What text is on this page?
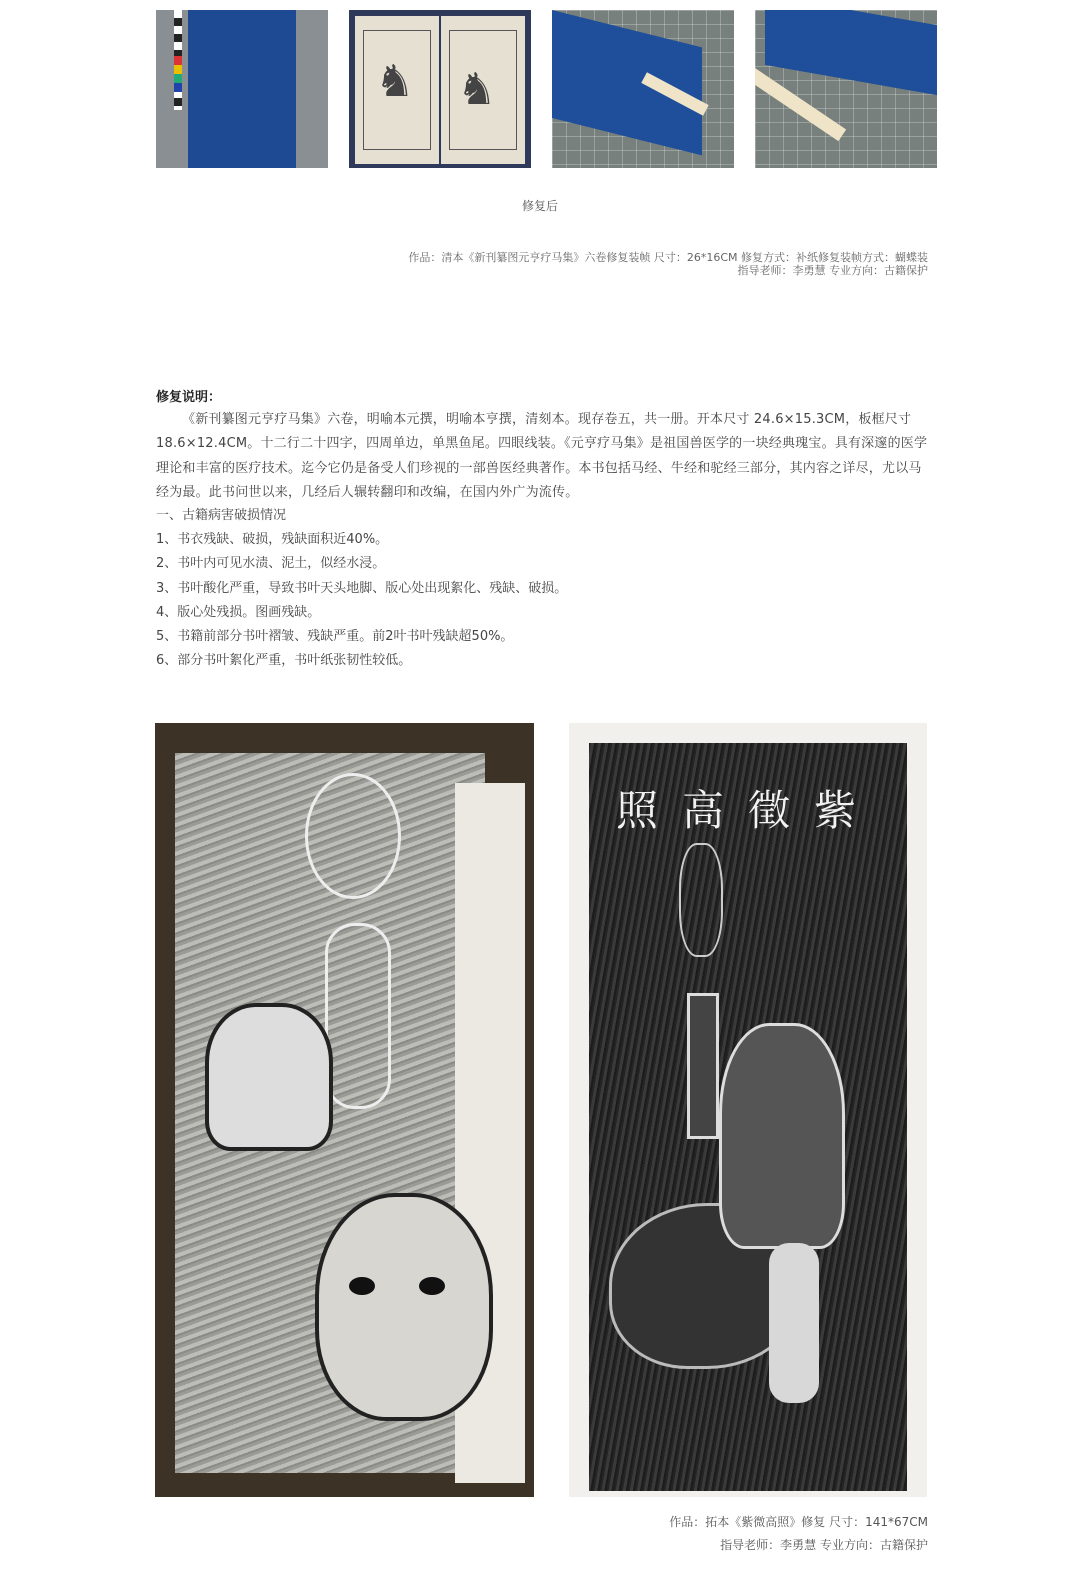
♞ ♞
修复后
作品：清本《新刊纂图元亨疗马集》六卷修复装帧 尺寸：26*16CM 修复方式：补纸修复装帧方式：蝴蝶装
指导老师：李勇慧 专业方向：古籍保护
修复说明：
《新刊纂图元亨疗马集》六卷，明喻本元撰，明喻本亨撰，清刻本。现存卷五，共一册。开本尺寸 24.6×15.3CM，板框尺寸 18.6×12.4CM。十二行二十四字，四周单边，单黑鱼尾。四眼线装。《元亨疗马集》是祖国兽医学的一块经典瑰宝。具有深邃的医学理论和丰富的医疗技术。迄今它仍是备受人们珍视的一部兽医经典著作。本书包括马经、牛经和驼经三部分，其内容之详尽，尤以马经为最。此书问世以来，几经后人辗转翻印和改编，在国内外广为流传。
一、古籍病害破损情况
1、书衣残缺、破损，残缺面积近40%。
2、书叶内可见水渍、泥土，似经水浸。
3、书叶酸化严重，导致书叶天头地脚、版心处出现絮化、残缺、破损。
4、版心处残损。图画残缺。
5、书籍前部分书叶褶皱、残缺严重。前2叶书叶残缺超50%。
6、部分书叶絮化严重，书叶纸张韧性较低。
照高徵紫
作品：拓本《紫微高照》修复 尺寸：141*67CM
指导老师：李勇慧 专业方向：古籍保护
